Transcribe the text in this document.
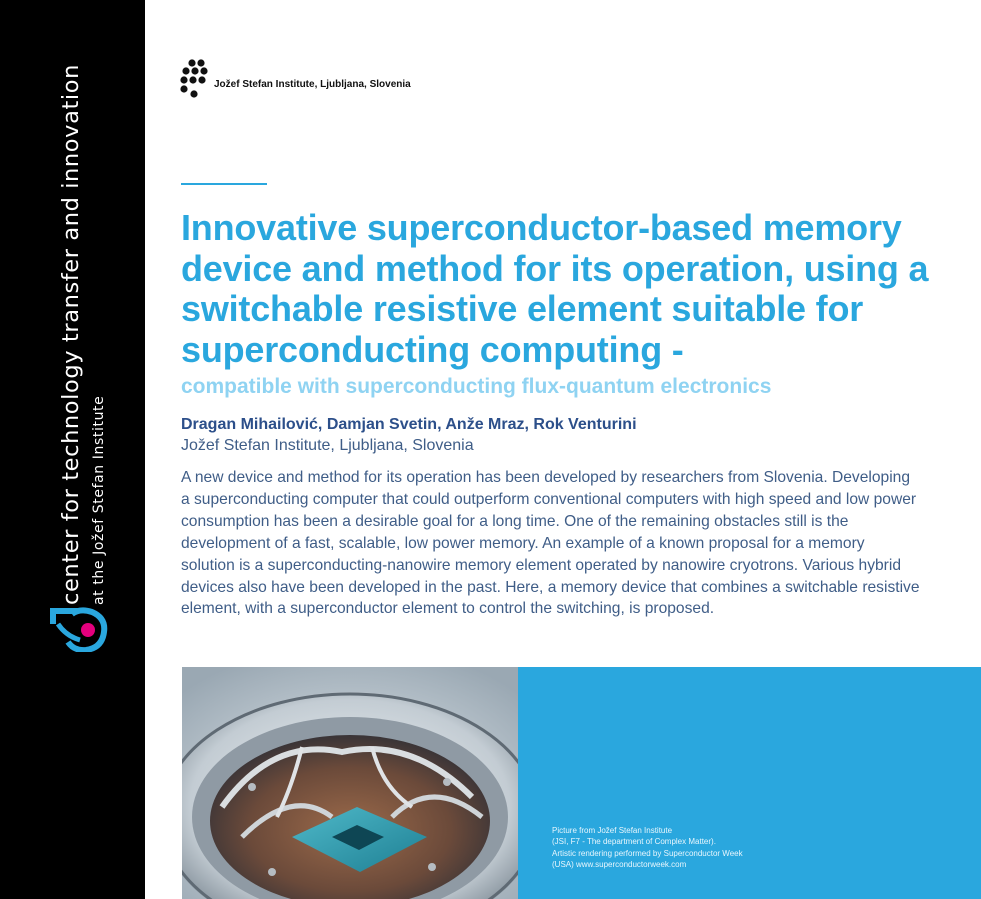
center for technology transfer and innovation at the Jožef Stefan Institute
Jožef Stefan Institute, Ljubljana, Slovenia
Innovative superconductor-based memory device and method for its operation, using a switchable resistive element suitable for superconducting computing -
compatible with superconducting flux-quantum electronics
Dragan Mihailović, Damjan Svetin, Anže Mraz, Rok Venturini
Jožef Stefan Institute, Ljubljana, Slovenia

A new device and method for its operation has been developed by researchers from Slovenia. Developing a superconducting computer that could outperform conventional computers with high speed and low power consumption has been a desirable goal for a long time. One of the remaining obstacles still is the development of a fast, scalable, low power memory. An example of a known proposal for a memory solution is a superconducting-nanowire memory element operated by nanowire cryotrons. Various hybrid devices also have been developed in the past. Here, a memory device that combines a switchable resistive element, with a superconductor element to control the switching, is proposed.

Picture from Jožef Stefan Institute
(JSI, F7 - The department of Complex Matter).
Artistic rendering performed by Superconductor Week
(USA) www.superconductorweek.com
